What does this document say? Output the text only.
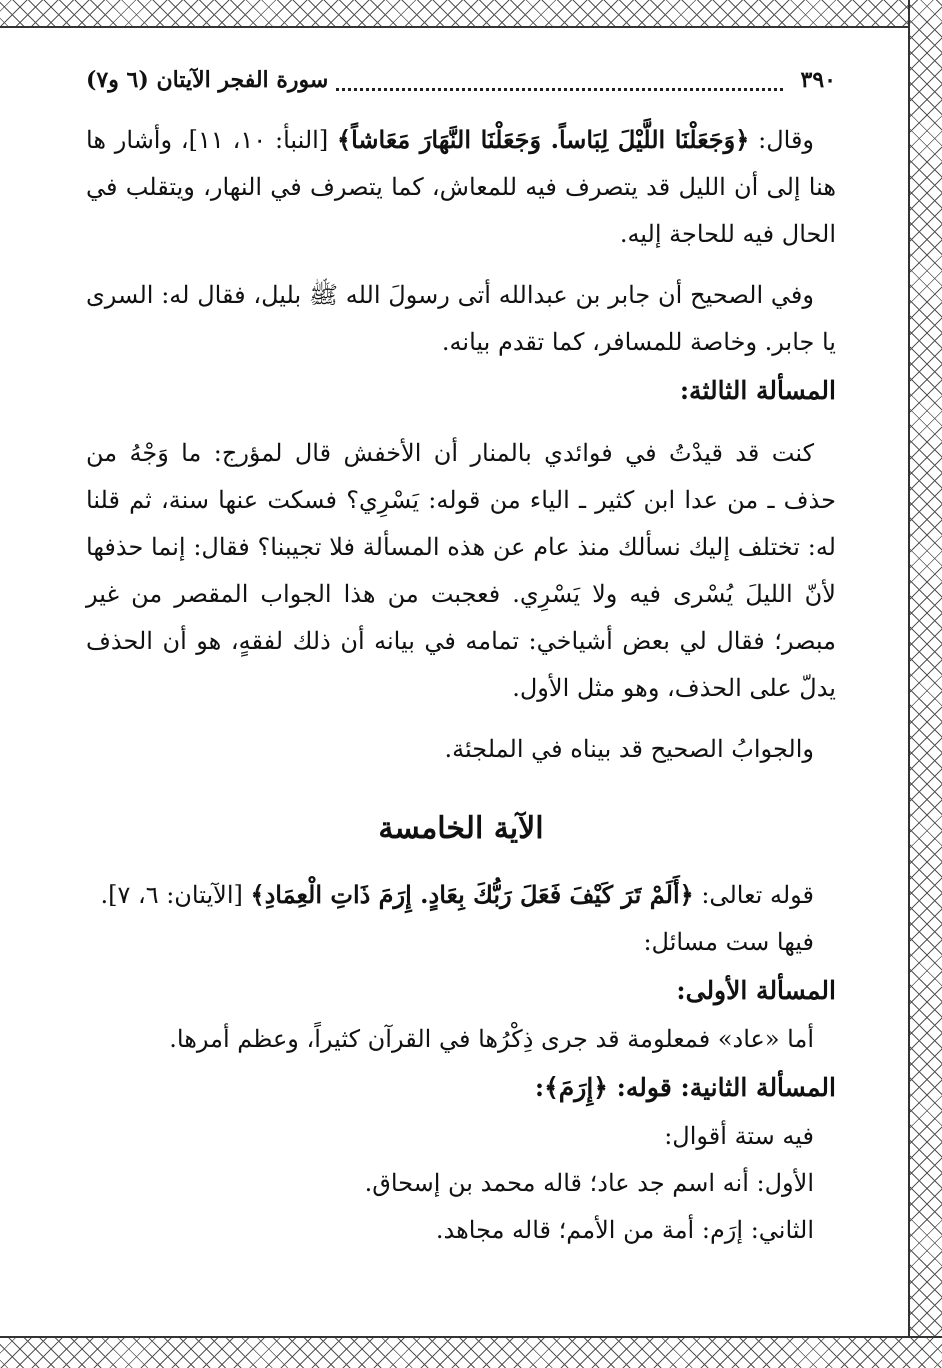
٣٩٠
سورة الفجر الآيتان (٦ و٧)

وقال: ﴿وَجَعَلْنَا اللَّيْلَ لِبَاساً. وَجَعَلْنَا النَّهَارَ مَعَاشاً﴾ [النبأ: ١٠، ١١]، وأشار ها هنا إلى أن الليل قد يتصرف فيه للمعاش، كما يتصرف في النهار، ويتقلب في الحال فيه للحاجة إليه.

وفي الصحيح أن جابر بن عبدالله أتى رسولَ الله ﷺ بليل، فقال له: السرى يا جابر. وخاصة للمسافر، كما تقدم بيانه.

المسألة الثالثة:

كنت قد قيدْتُ في فوائدي بالمنار أن الأخفش قال لمؤرج: ما وَجْهُ من حذف ـ من عدا ابن كثير ـ الياء من قوله: يَسْرِي؟ فسكت عنها سنة، ثم قلنا له: تختلف إليك نسألك منذ عام عن هذه المسألة فلا تجيبنا؟ فقال: إنما حذفها لأنّ الليلَ يُسْرى فيه ولا يَسْرِي. فعجبت من هذا الجواب المقصر من غير مبصر؛ فقال لي بعض أشياخي: تمامه في بيانه أن ذلك لفقهٍ، هو أن الحذف يدلّ على الحذف، وهو مثل الأول.

والجوابُ الصحيح قد بيناه في الملجئة.

الآية الخامسة

قوله تعالى: ﴿أَلَمْ تَرَ كَيْفَ فَعَلَ رَبُّكَ بِعَادٍ. إِرَمَ ذَاتِ الْعِمَادِ﴾ [الآيتان: ٦، ٧].

فيها ست مسائل:

المسألة الأولى:

أما «عاد» فمعلومة قد جرى ذِكْرُها في القرآن كثيراً، وعظم أمرها.

المسألة الثانية: قوله: ﴿إِرَمَ﴾:

فيه ستة أقوال:

الأول: أنه اسم جد عاد؛ قاله محمد بن إسحاق.

الثاني: إرَم: أمة من الأمم؛ قاله مجاهد.
